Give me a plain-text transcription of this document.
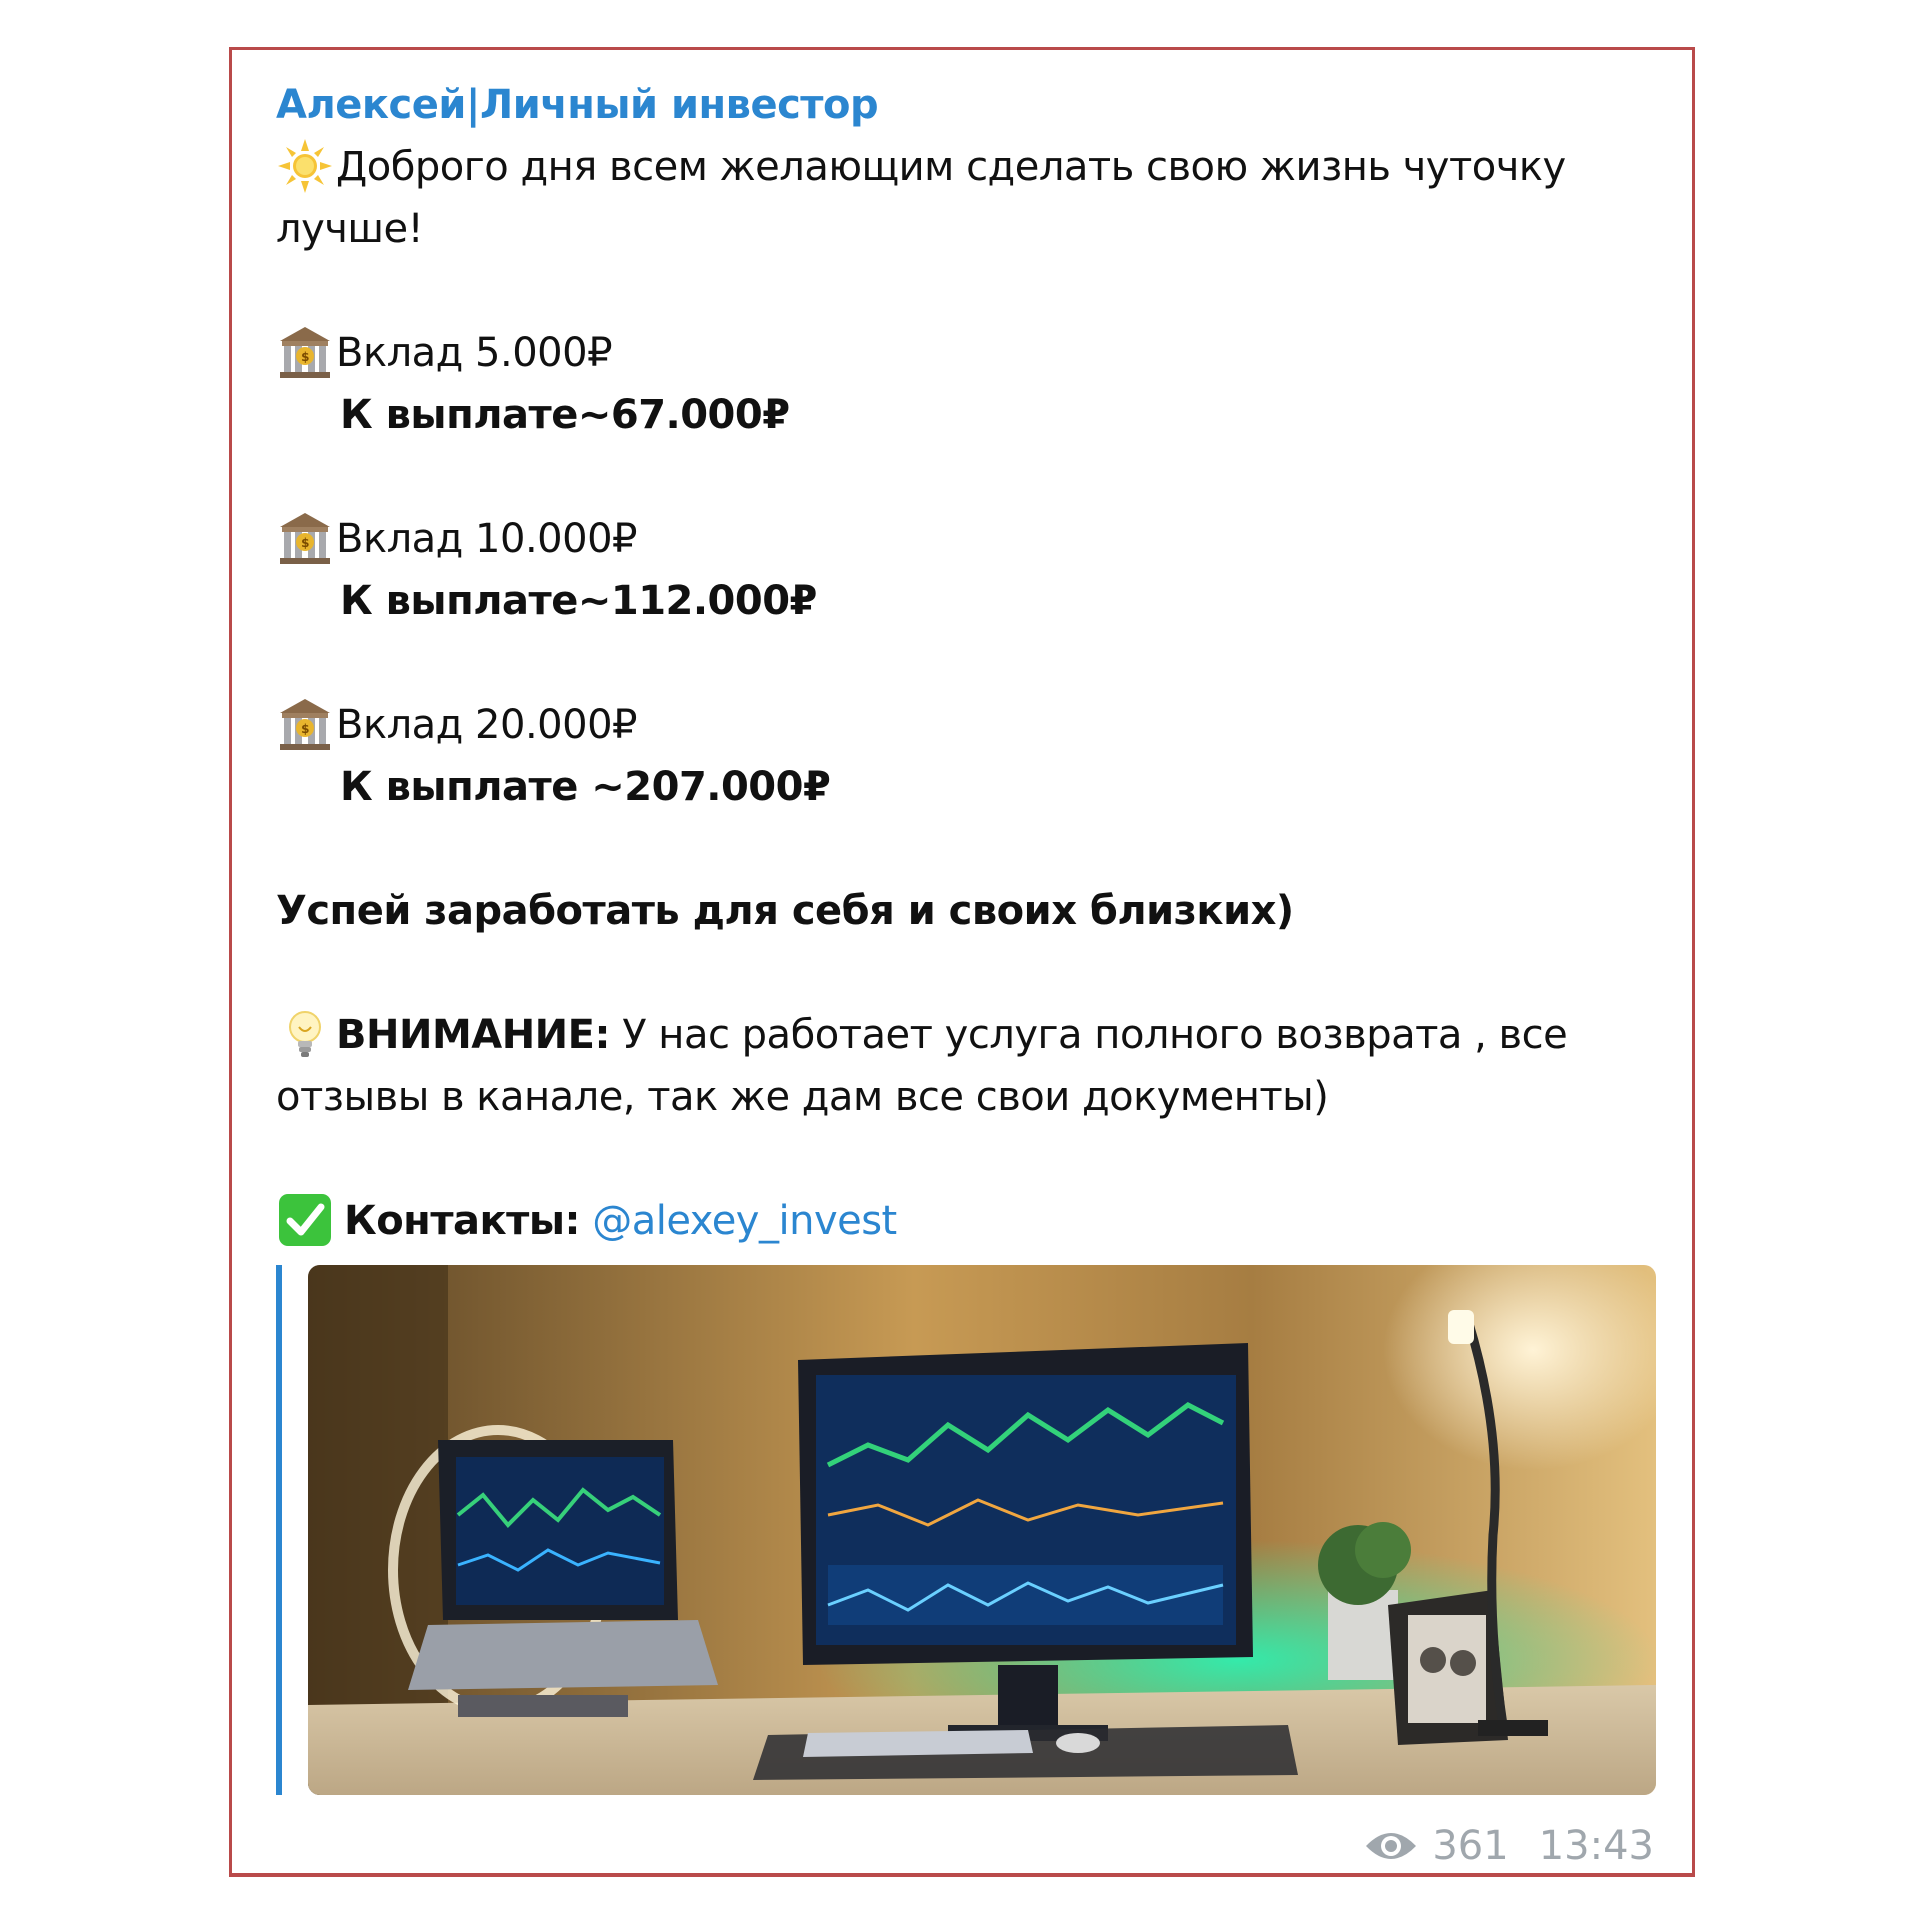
Алексей|Личный инвестор
Доброго дня всем желающим сделать свою жизнь чуточку
лучше!
$ Вклад 5.000₽
К выплате~67.000₽
$ Вклад 10.000₽
К выплате~112.000₽
$ Вклад 20.000₽
К выплате ~207.000₽
Успей заработать для себя и своих близких)
ВНИМАНИЕ: У нас работает услуга полного возврата , все
отзывы в канале, так же дам все свои документы)
Контакты: @alexey_invest
361 13:43
